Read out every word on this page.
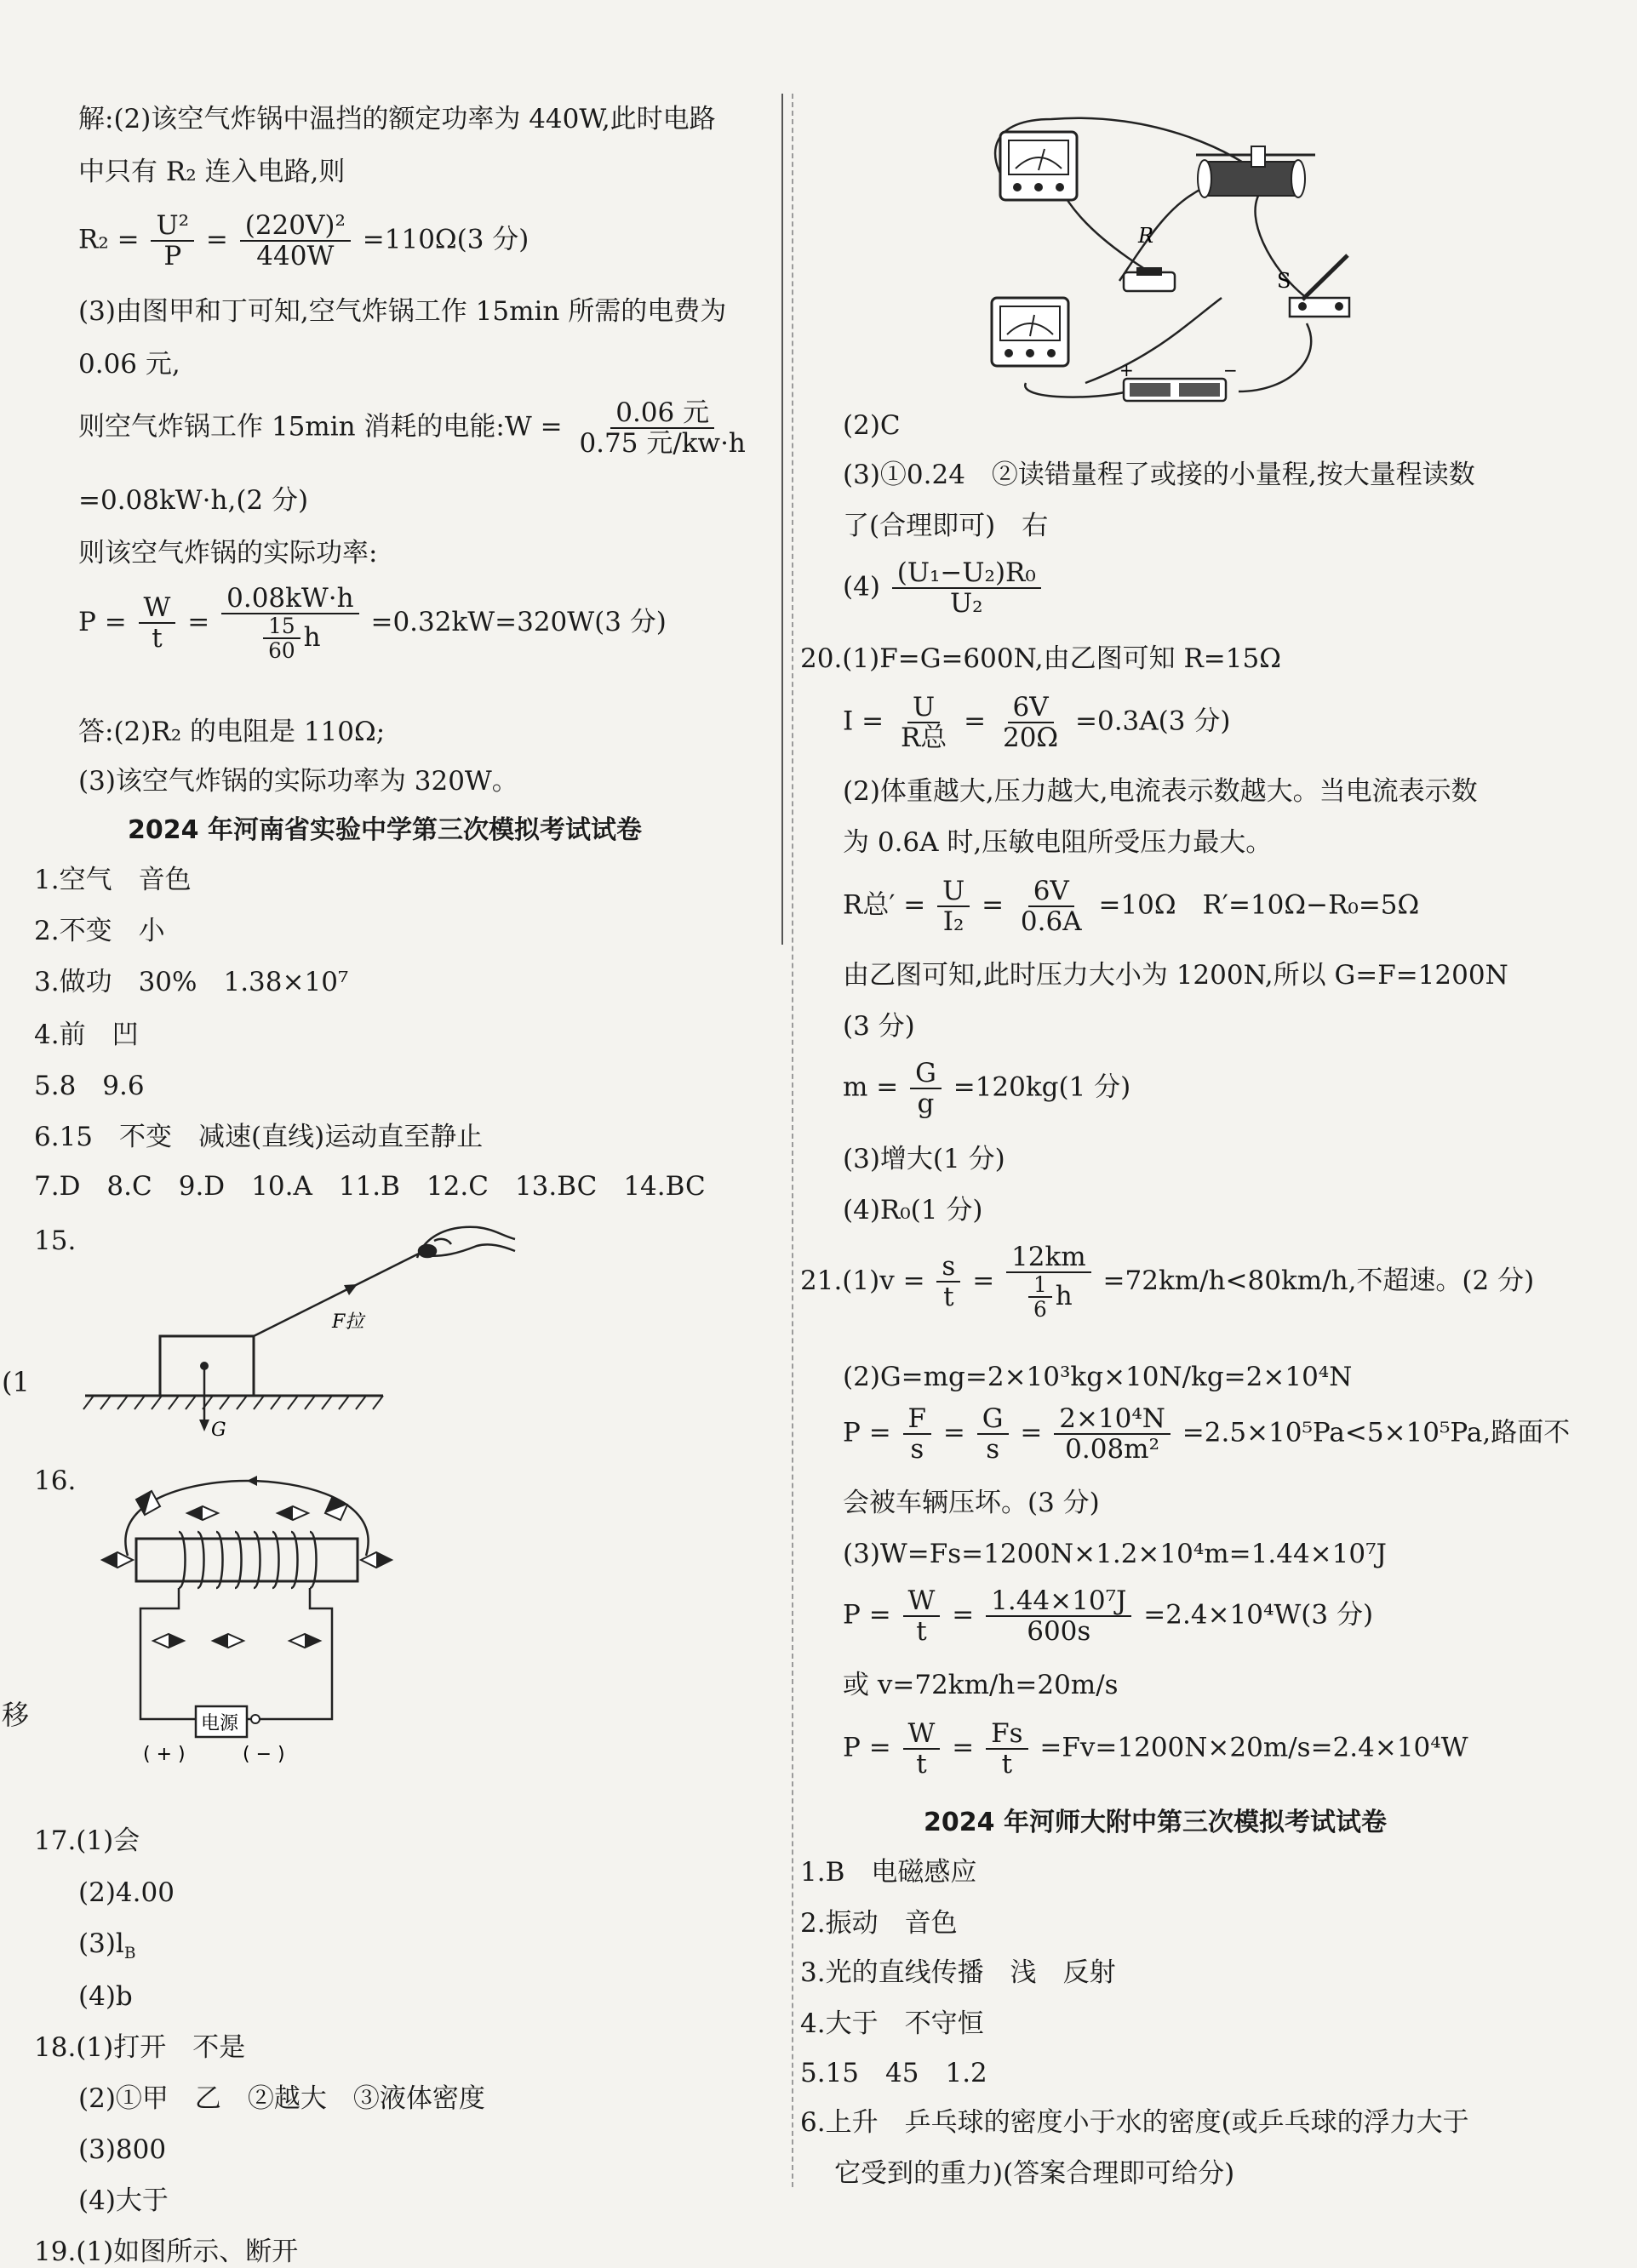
(1
移
解:(2)该空气炸锅中温挡的额定功率为 440W,此时电路
中只有 R₂ 连入电路,则
$R_2 = \frac{\text{U²}}{P} = \frac{\text{(220V)²}}{440W} =110\Omega(3$ 分)
(3)由图甲和丁可知,空气炸锅工作 15min 所需的电费为
0.06 元,
则空气炸锅工作 15min 消耗的电能:W = $\frac{\text{0.06 元}}{\text{0.75 元/kw·h}}$
=0.08kW·h,(2 分)
则该空气炸锅的实际功率:
$P = \frac{W}{t} = \frac{0.08kW\cdot h}{\frac{15}{60} h} =0.32kW=320W(3$ 分)
答:(2)R₂ 的电阻是 110Ω;
(3)该空气炸锅的实际功率为 320W。
2024 年河南省实验中学第三次模拟考试试卷
1.空气　音色
2.不变　小
3.做功　30%　1.38×10⁷
4.前　凹
5.8　9.6
6.15　不变　减速(直线)运动直至静止
7.D　8.C　9.D　10.A　11.B　12.C　13.BC　14.BC
15.
G
F拉
16.
电源
( + )	( − )
17.(1)会
(2)4.00
$(3)l_B$
(4)b
18.(1)打开　不是
(2)①甲　乙　②越大　③液体密度
(3)800
(4)大于
19.(1)如图所示、断开
R
S
+	−
(2)C
(3)①0.24　②读错量程了或接的小量程,按大量程读数
了(合理即可)　右
$(4) \frac{\text{(U₁−U₂)R₀}}{\text{U₂}}$
20.(1)F=G=600N,由乙图可知 R=15Ω
$I = \frac{U}{\text{R总}} = \frac{6V}{20\Omega} =0.3A(3$ 分)
(2)体重越大,压力越大,电流表示数越大。当电流表示数
为 0.6A 时,压敏电阻所受压力最大。
R总′ = $\frac{U}{\text{I₂}} = \frac{6V}{0.6A} =10\Omega$　R′=10Ω−R₀=5Ω
由乙图可知,此时压力大小为 1200N,所以 G=F=1200N
(3 分)
$m = \frac{G}{g} =120kg(1$ 分)
(3)增大(1 分)
(4)R₀(1 分)
$21.(1)v = \frac{s}{t} = \frac{12km}{\frac{1}{6} h} =72km/h<80km/h$,不超速。(2 分)
(2)G=mg=2×10³kg×10N/kg=2×10⁴N
$P = \frac{F}{s} = \frac{G}{s} = \frac{\text{2×10⁴N}}{\text{0.08m²}} =2.5\times 10^5Pa<5\times 10^5Pa$,路面不
会被车辆压坏。(3 分)
(3)W=Fs=1200N×1.2×10⁴m=1.44×10⁷J
$P = \frac{W}{t} = \frac{\text{1.44×10⁷J}}{600s} =2.4\times 10^4W(3$ 分)
或 v=72km/h=20m/s
$P = \frac{W}{t} = \frac{Fs}{t} =Fv=1200N\times 20m/s=2.4\times 10^4W$
2024 年河师大附中第三次模拟考试试卷
1.B　电磁感应
2.振动　音色
3.光的直线传播　浅　反射
4.大于　不守恒
5.15　45　1.2
6.上升　乒乓球的密度小于水的密度(或乒乓球的浮力大于
它受到的重力)(答案合理即可给分)
